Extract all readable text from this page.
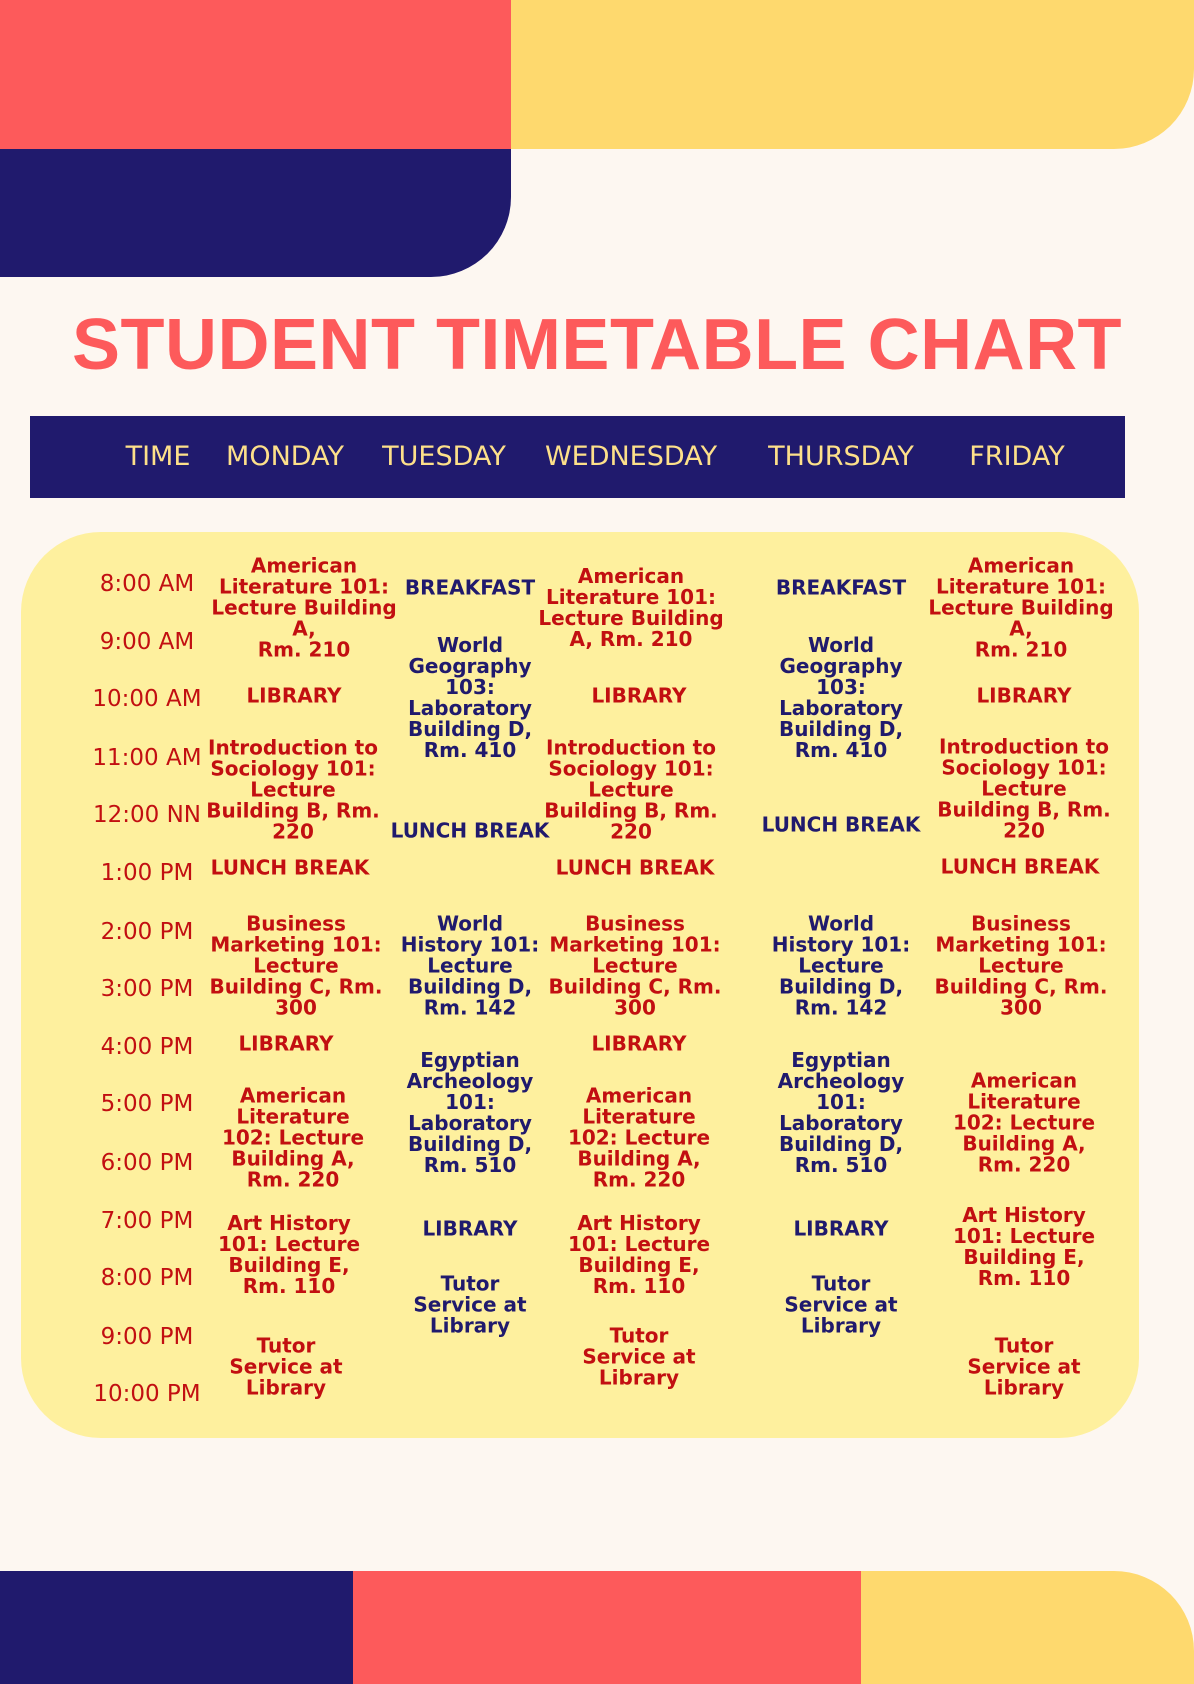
STUDENT TIMETABLE CHART
TIME MONDAY TUESDAY WEDNESDAY THURSDAY FRIDAY
8:00 AM
9:00 AM
10:00 AM
11:00 AM
12:00 NN
1:00 PM
2:00 PM
3:00 PM
4:00 PM
5:00 PM
6:00 PM
7:00 PM
8:00 PM
9:00 PM
10:00 PM
American
Literature 101:
Lecture Building A,
Rm. 210
LIBRARY
Introduction to
Sociology 101:
Lecture
Building B, Rm.
220
LUNCH BREAK
Business
Marketing 101:
Lecture
Building C, Rm.
300
LIBRARY
American
Literature
102: Lecture
Building A,
Rm. 220
Art History
101: Lecture
Building E,
Rm. 110
Tutor
Service at
Library
BREAKFAST
World
Geography
103:
Laboratory
Building D,
Rm. 410
LUNCH BREAK
World
History 101:
Lecture
Building D,
Rm. 142
Egyptian
Archeology
101:
Laboratory
Building D,
Rm. 510
LIBRARY
Tutor
Service at
Library
American
Literature 101:
Lecture Building
A, Rm. 210
LIBRARY
Introduction to
Sociology 101:
Lecture
Building B, Rm.
220
LUNCH BREAK
Business
Marketing 101:
Lecture
Building C, Rm.
300
LIBRARY
American
Literature
102: Lecture
Building A,
Rm. 220
Art History
101: Lecture
Building E,
Rm. 110
Tutor
Service at
Library
BREAKFAST
World
Geography
103:
Laboratory
Building D,
Rm. 410
LUNCH BREAK
World
History 101:
Lecture
Building D,
Rm. 142
Egyptian
Archeology
101:
Laboratory
Building D,
Rm. 510
LIBRARY
Tutor
Service at
Library
American
Literature 101:
Lecture Building A,
Rm. 210
LIBRARY
Introduction to
Sociology 101:
Lecture
Building B, Rm.
220
LUNCH BREAK
Business
Marketing 101:
Lecture
Building C, Rm.
300
American
Literature
102: Lecture
Building A,
Rm. 220
Art History
101: Lecture
Building E,
Rm. 110
Tutor
Service at
Library
